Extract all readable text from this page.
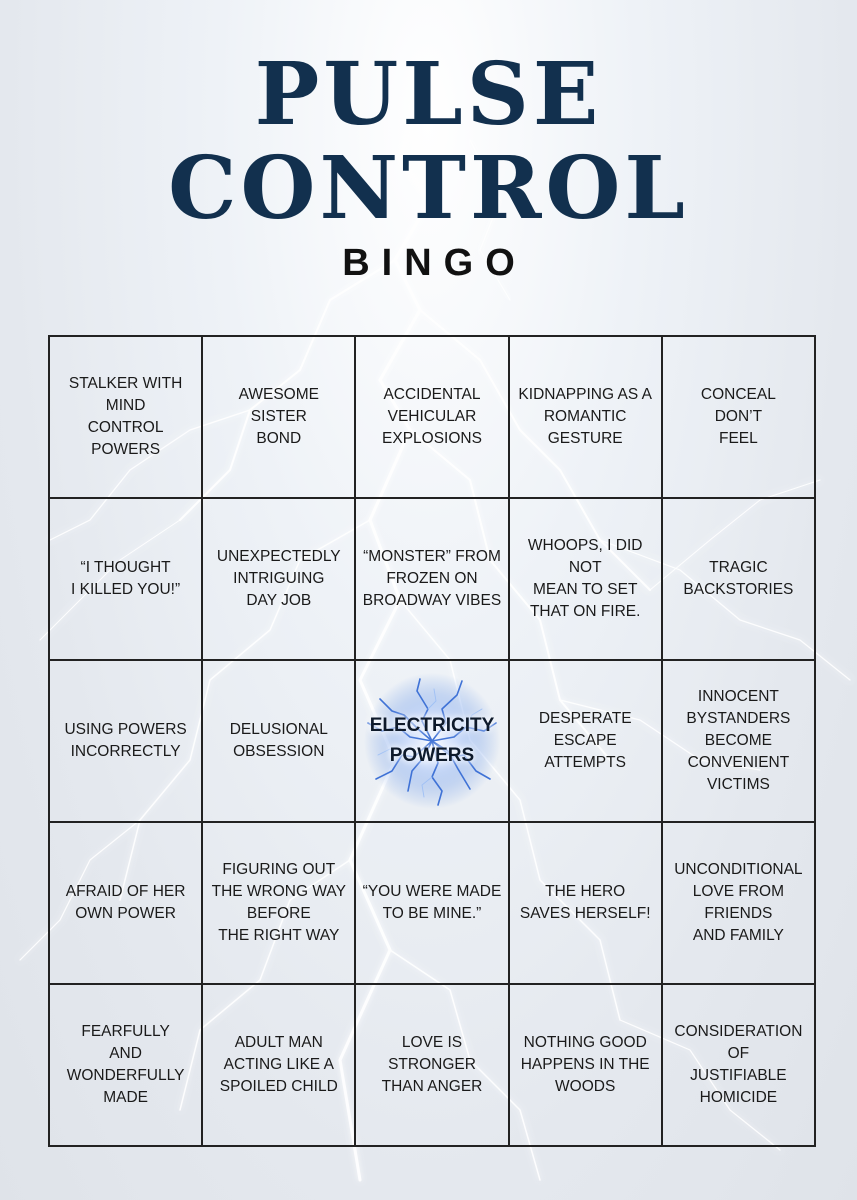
PULSE
CONTROL
BINGO
STALKER WITH MIND
CONTROL POWERS
AWESOME
SISTER
BOND
ACCIDENTAL
VEHICULAR
EXPLOSIONS
KIDNAPPING AS A
ROMANTIC
GESTURE
CONCEAL
DON’T
FEEL
“I THOUGHT
I KILLED YOU!”
UNEXPECTEDLY
INTRIGUING
DAY JOB
“MONSTER” FROM
FROZEN ON
BROADWAY VIBES
WHOOPS, I DID NOT
MEAN TO SET
THAT ON FIRE.
TRAGIC
BACKSTORIES
USING POWERS
INCORRECTLY
DELUSIONAL
OBSESSION
ELECTRICITY
POWERS
DESPERATE
ESCAPE
ATTEMPTS
INNOCENT
BYSTANDERS
BECOME
CONVENIENT
VICTIMS
AFRAID OF HER
OWN POWER
FIGURING OUT
THE WRONG WAY
BEFORE
THE RIGHT WAY
“YOU WERE MADE
TO BE MINE.”
THE HERO
SAVES HERSELF!
UNCONDITIONAL
LOVE FROM
FRIENDS
AND FAMILY
FEARFULLY
AND
WONDERFULLY
MADE
ADULT MAN
ACTING LIKE A
SPOILED CHILD
LOVE IS STRONGER
THAN ANGER
NOTHING GOOD
HAPPENS IN THE
WOODS
CONSIDERATION OF
JUSTIFIABLE
HOMICIDE
